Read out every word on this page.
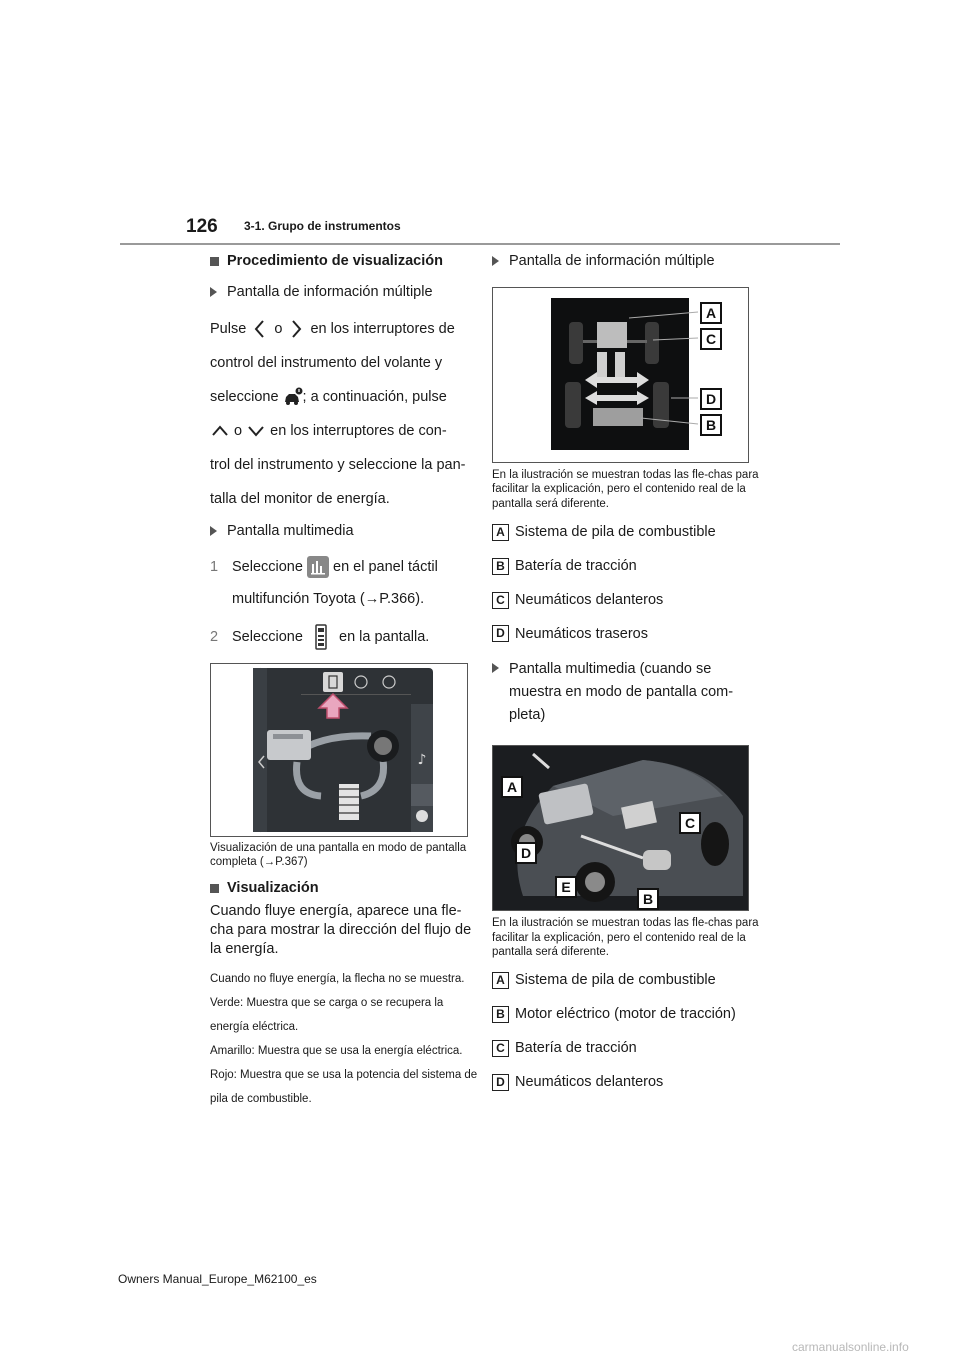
126 3-1. Grupo de instrumentos
Procedimiento de visualización
Pantalla de información múltiple

Pulse o en los interruptores de

control del instrumento del volante y

seleccione ; a continuación, pulse

o en los interruptores de con-

trol del instrumento y seleccione la pan-

talla del monitor de energía.

Pantalla multimedia
1 Seleccione en el panel táctil
multifunción Toyota (→P.366).
2 Seleccione en la pantalla.
♪
Visualización de una pantalla en modo de pantalla completa (→P.367)
Visualización
Cuando fluye energía, aparece una fle-cha para mostrar la dirección del flujo de la energía.

Cuando no fluye energía, la flecha no se muestra.

Verde: Muestra que se carga o se recupera la energía eléctrica.

Amarillo: Muestra que se usa la energía eléctrica.

Rojo: Muestra que se usa la potencia del sistema de pila de combustible.

Pantalla de información múltiple
A
C
D
B
En la ilustración se muestran todas las fle-chas para facilitar la explicación, pero el contenido real de la pantalla será diferente.
A Sistema de pila de combustible
B Batería de tracción
C Neumáticos delanteros
D Neumáticos traseros
Pantalla multimedia (cuando se
muestra en modo de pantalla com-
pleta)
A
C
D
E
B
En la ilustración se muestran todas las fle-chas para facilitar la explicación, pero el contenido real de la pantalla será diferente.
A Sistema de pila de combustible
B Motor eléctrico (motor de tracción)
C Batería de tracción
D Neumáticos delanteros
Owners Manual_Europe_M62100_es
carmanualsonline.info
